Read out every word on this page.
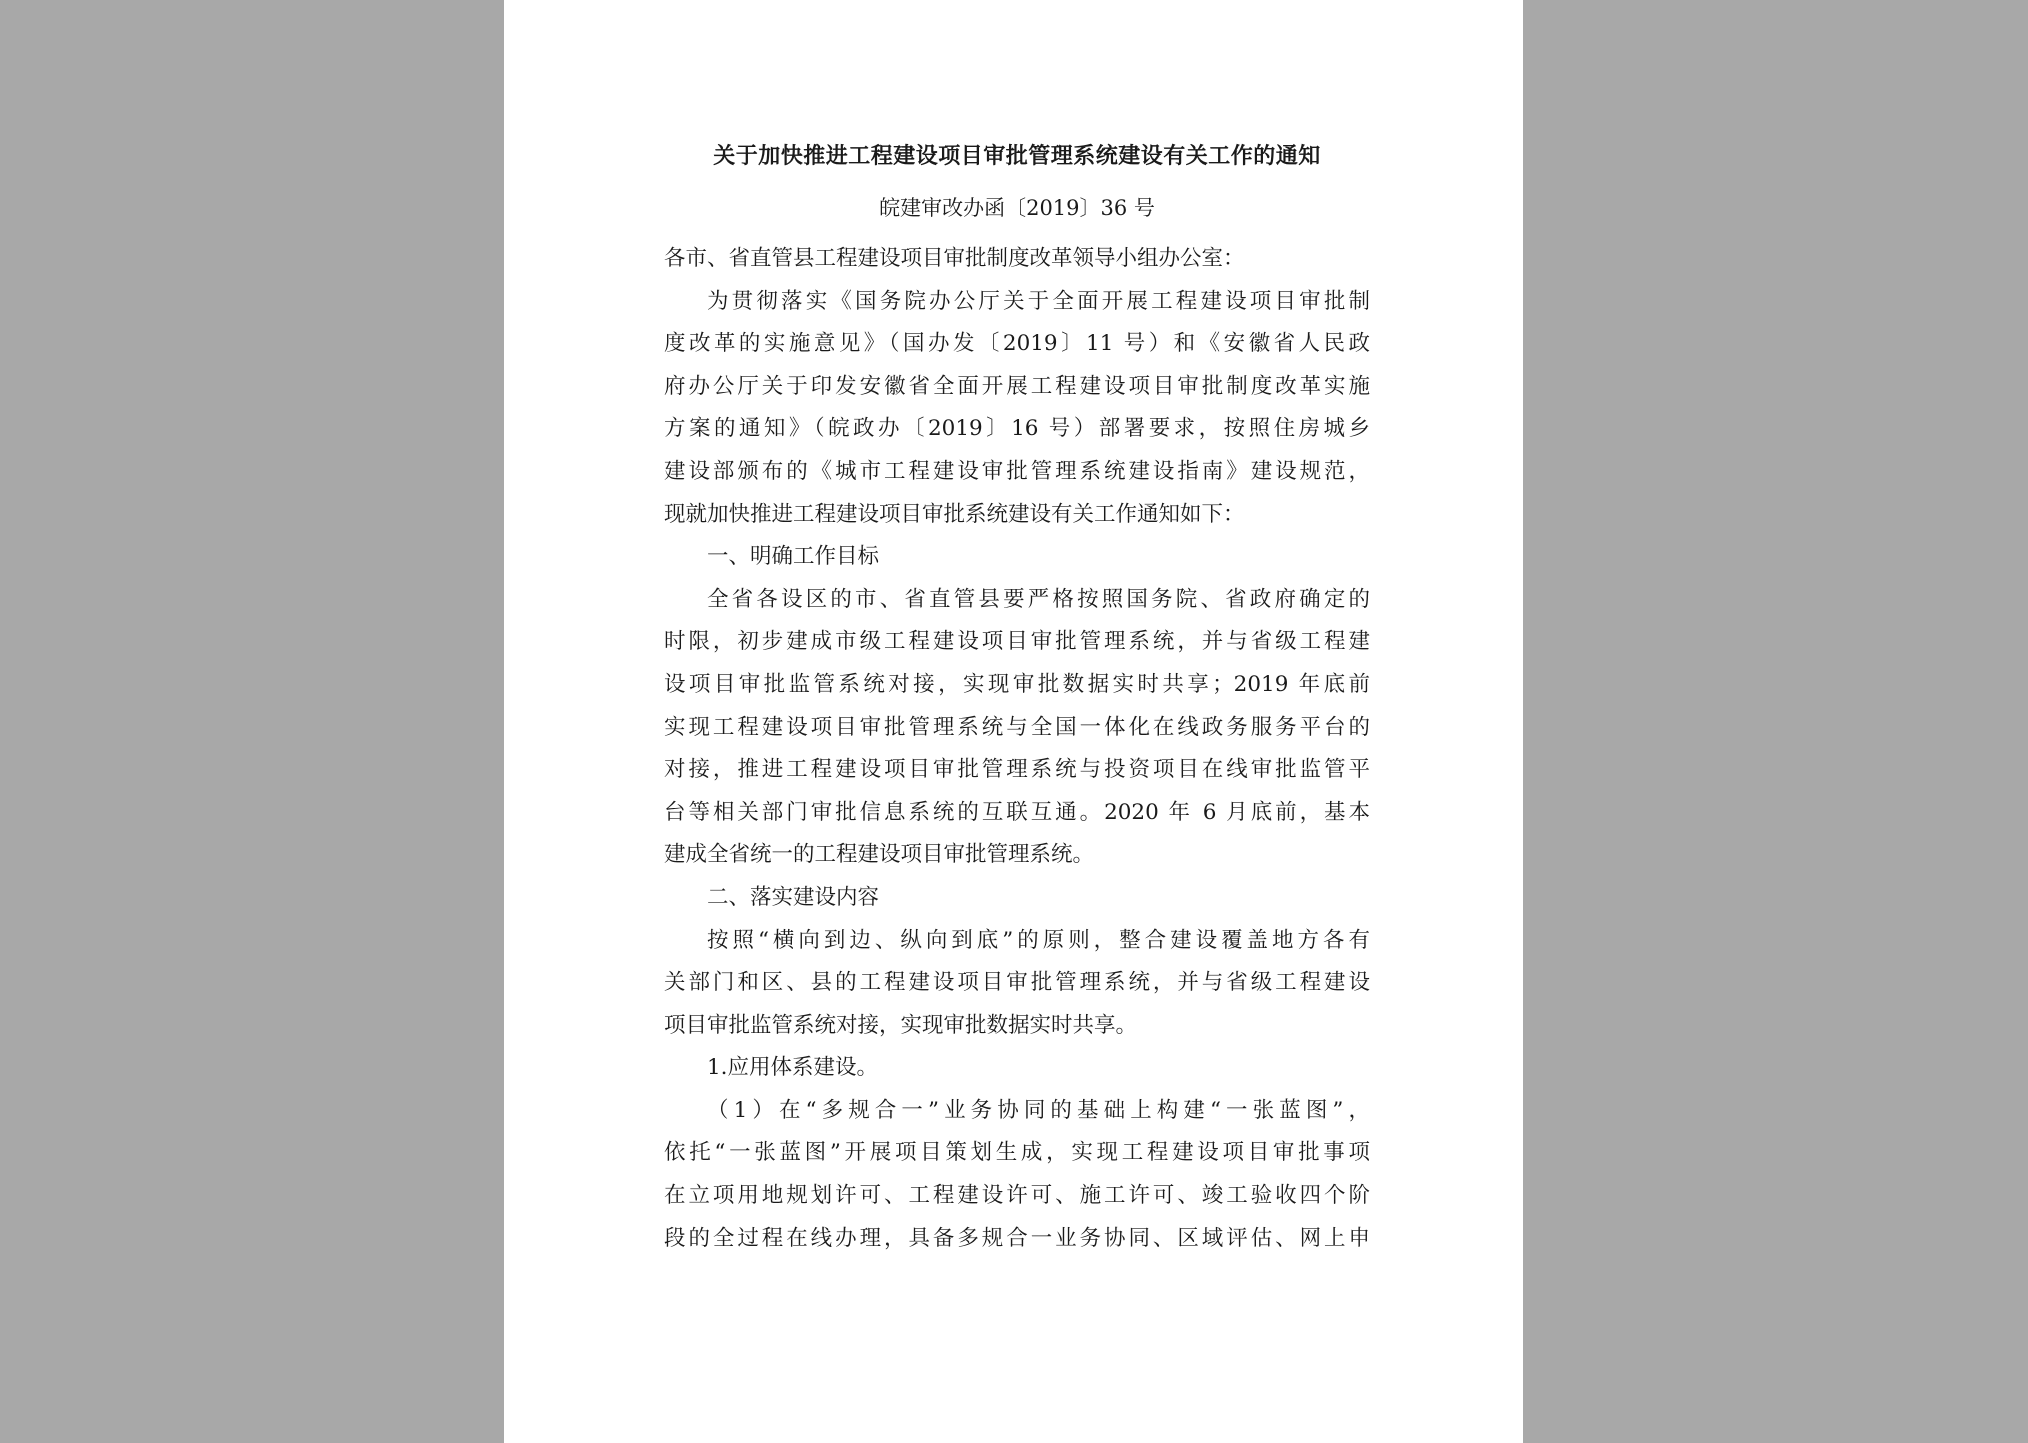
关于加快推进工程建设项目审批管理系统建设有关工作的通知
皖建审改办函〔2019〕36 号
各市、省直管县工程建设项目审批制度改革领导小组办公室：
为贯彻落实《国务院办公厅关于全面开展工程建设项目审批制
度改革的实施意见》（国办发〔2019〕11 号）和《安徽省人民政
府办公厅关于印发安徽省全面开展工程建设项目审批制度改革实施
方案的通知》（皖政办〔2019〕16 号）部署要求，按照住房城乡
建设部颁布的《城市工程建设审批管理系统建设指南》建设规范，
现就加快推进工程建设项目审批系统建设有关工作通知如下：
一、明确工作目标
全省各设区的市、省直管县要严格按照国务院、省政府确定的
时限，初步建成市级工程建设项目审批管理系统，并与省级工程建
设项目审批监管系统对接，实现审批数据实时共享；2019 年底前
实现工程建设项目审批管理系统与全国一体化在线政务服务平台的
对接，推进工程建设项目审批管理系统与投资项目在线审批监管平
台等相关部门审批信息系统的互联互通。2020 年 6 月底前，基本
建成全省统一的工程建设项目审批管理系统。
二、落实建设内容
按照“横向到边、纵向到底”的原则，整合建设覆盖地方各有
关部门和区、县的工程建设项目审批管理系统，并与省级工程建设
项目审批监管系统对接，实现审批数据实时共享。
1.应用体系建设。
（1）在“多规合一”业务协同的基础上构建“一张蓝图”，
依托“一张蓝图”开展项目策划生成，实现工程建设项目审批事项
在立项用地规划许可、工程建设许可、施工许可、竣工验收四个阶
段的全过程在线办理，具备多规合一业务协同、区域评估、网上申
